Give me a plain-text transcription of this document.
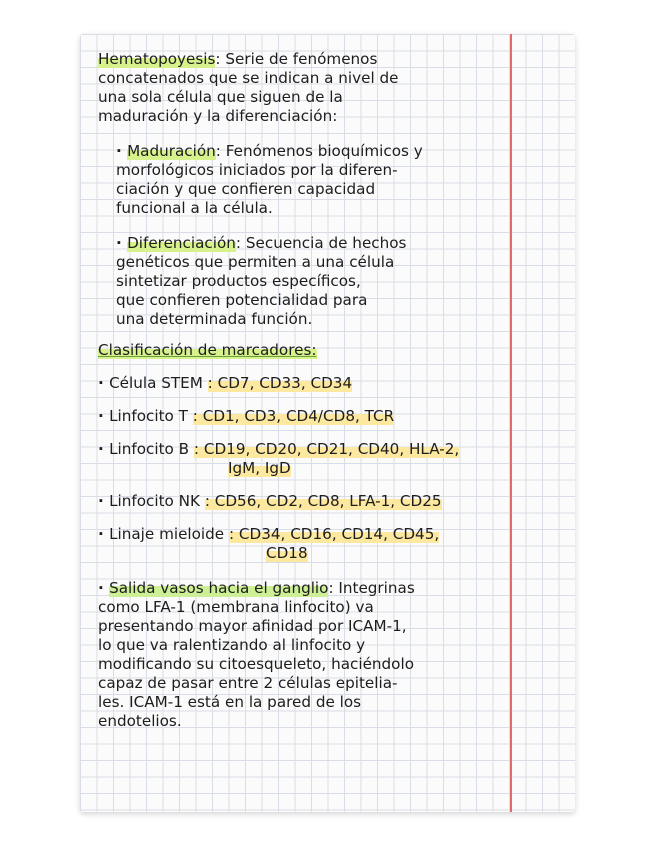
Hematopoyesis: Serie de fenómenos
concatenados que se indican a nivel de
una sola célula que siguen de la
maduración y la diferenciación:
· Maduración: Fenómenos bioquímicos y
morfológicos iniciados por la diferen-
ciación y que confieren capacidad
funcional a la célula.
· Diferenciación: Secuencia de hechos
genéticos que permiten a una célula
sintetizar productos específicos,
que confieren potencialidad para
una determinada función.
Clasificación de marcadores:
· Célula STEM : CD7, CD33, CD34
· Linfocito T : CD1, CD3, CD4/CD8, TCR
· Linfocito B : CD19, CD20, CD21, CD40, HLA-2,
IgM, IgD
· Linfocito NK : CD56, CD2, CD8, LFA-1, CD25
· Linaje mieloide : CD34, CD16, CD14, CD45,
CD18
· Salida vasos hacia el ganglio: Integrinas
como LFA-1 (membrana linfocito) va
presentando mayor afinidad por ICAM-1,
lo que va ralentizando al linfocito y
modificando su citoesqueleto, haciéndolo
capaz de pasar entre 2 células epitelia-
les. ICAM-1 está en la pared de los
endotelios.
